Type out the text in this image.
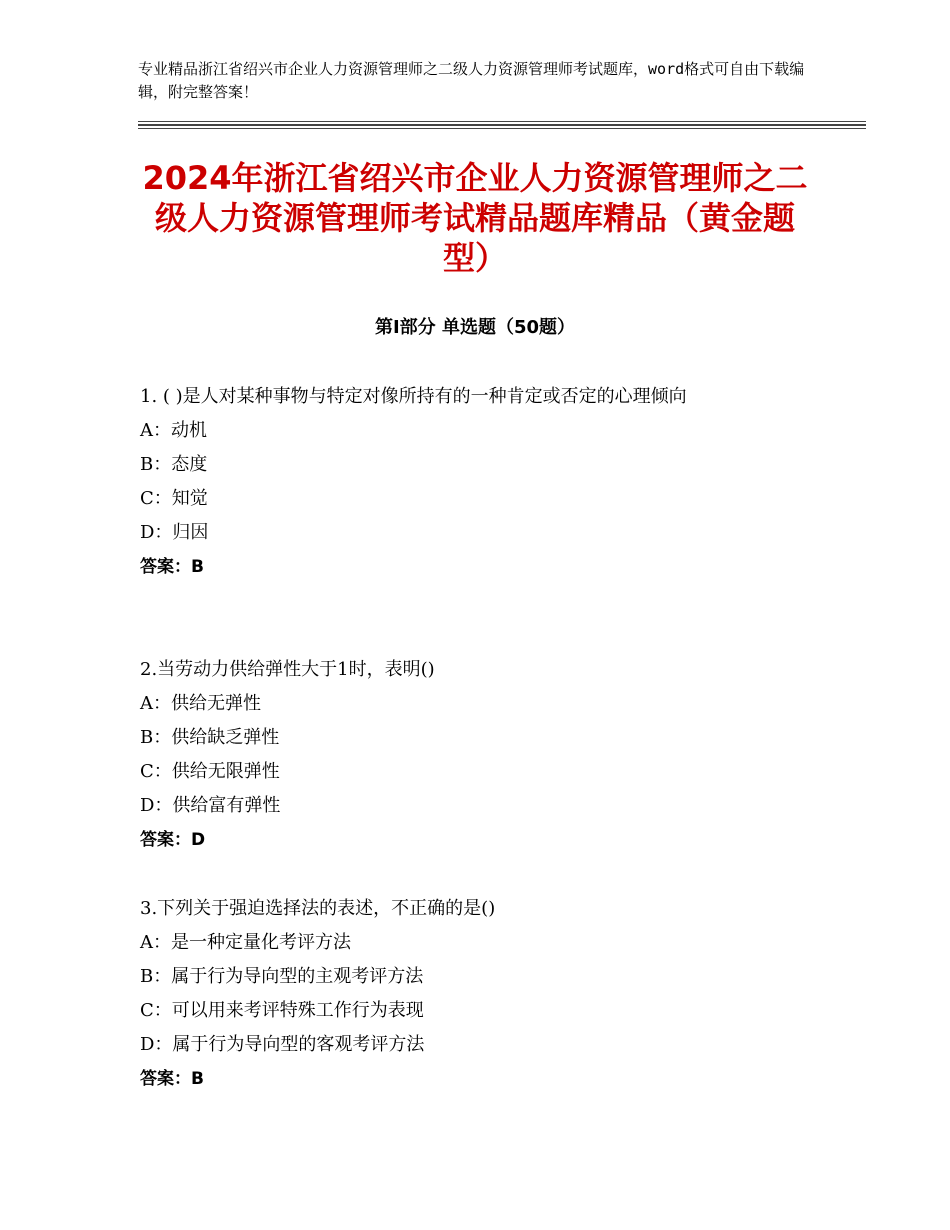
专业精品浙江省绍兴市企业人力资源管理师之二级人力资源管理师考试题库，word格式可自由下载编辑，附完整答案！
2024年浙江省绍兴市企业人力资源管理师之二级人力资源管理师考试精品题库精品（黄金题型）
第Ⅰ部分 单选题（50题）
1. ( )是人对某种事物与特定对像所持有的一种肯定或否定的心理倾向
A：动机
B：态度
C：知觉
D：归因
答案：B
2.当劳动力供给弹性大于1时，表明()
A：供给无弹性
B：供给缺乏弹性
C：供给无限弹性
D：供给富有弹性
答案：D
3.下列关于强迫选择法的表述，不正确的是()
A：是一种定量化考评方法
B：属于行为导向型的主观考评方法
C：可以用来考评特殊工作行为表现
D：属于行为导向型的客观考评方法
答案：B
